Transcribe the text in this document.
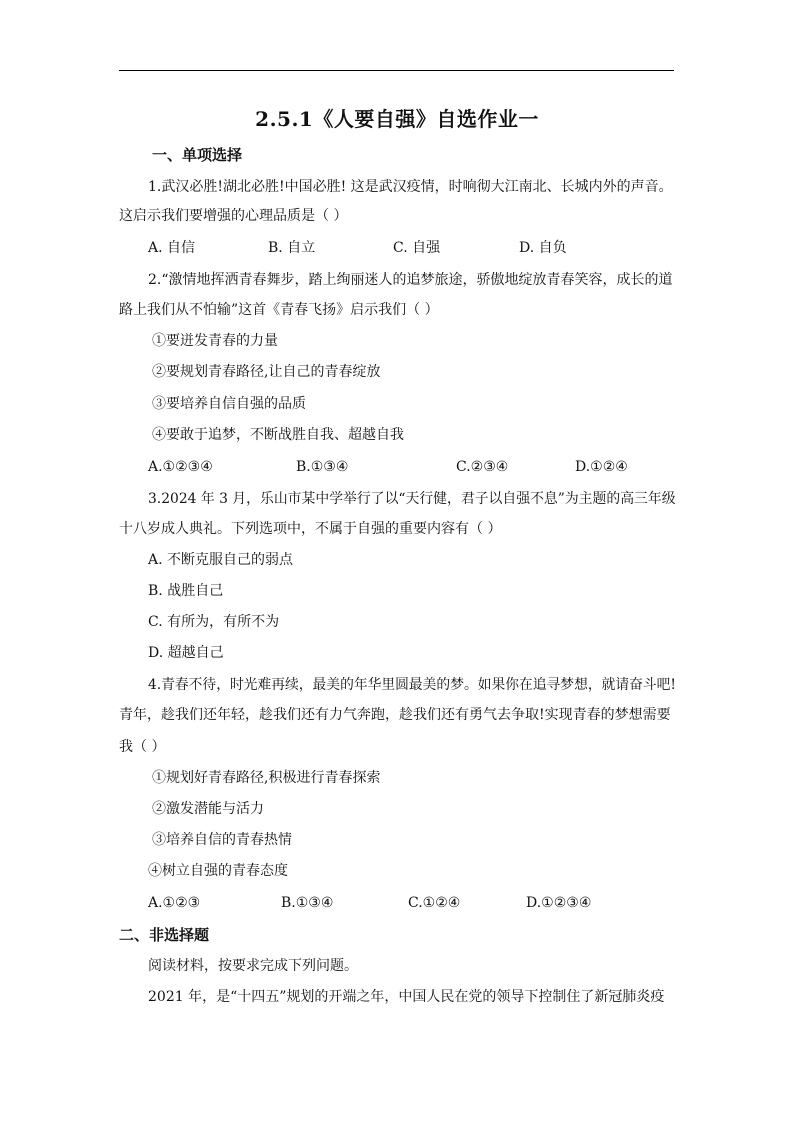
2.5.1《人要自强》自选作业一
一、单项选择
1.武汉必胜!湖北必胜!中国必胜! 这是武汉疫情，时响彻大江南北、长城内外的声音。
这启示我们要增强的心理品质是（ ）
A. 自信	B. 自立	C. 自强	D. 自负
2.“激情地挥洒青春舞步，踏上绚丽迷人的追梦旅途，骄傲地绽放青春笑容，成长的道
路上我们从不怕输”这首《青春飞扬》启示我们（ ）
①要迸发青春的力量
②要规划青春路径,让自己的青春绽放
③要培养自信自强的品质
④要敢于追梦，不断战胜自我、超越自我
A.①②③④	B.①③④	C.②③④	D.①②④
3.2024 年 3 月，乐山市某中学举行了以“天行健，君子以自强不息”为主题的高三年级
十八岁成人典礼。下列选项中，不属于自强的重要内容有（ ）
A. 不断克服自己的弱点
B. 战胜自己
C. 有所为，有所不为
D. 超越自己
4.青春不待，时光难再续，最美的年华里圆最美的梦。如果你在追寻梦想，就请奋斗吧!
青年，趁我们还年轻，趁我们还有力气奔跑，趁我们还有勇气去争取!实现青春的梦想需要
我（ ）
①规划好青春路径,积极进行青春探索
②激发潜能与活力
③培养自信的青春热情
④树立自强的青春态度
A.①②③	B.①③④	C.①②④	D.①②③④
二、非选择题
阅读材料，按要求完成下列问题。
2021 年，是“十四五”规划的开端之年，中国人民在党的领导下控制住了新冠肺炎疫
